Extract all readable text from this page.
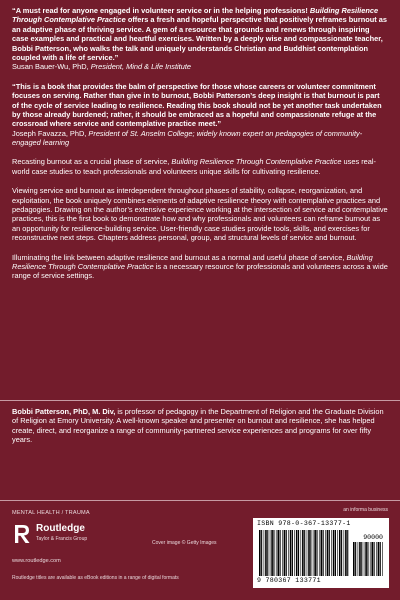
“A must read for anyone engaged in volunteer service or in the helping professions! Building Resilience Through Contemplative Practice offers a fresh and hopeful perspective that positively reframes burnout as an adaptive phase of thriving service. A gem of a resource that grounds and renews through inspiring case examples and practical and heartful exercises. Written by a deeply wise and compassionate teacher, Bobbi Patterson, who walks the talk and uniquely understands Christian and Buddhist contemplation coupled with a life of service.”

Susan Bauer-Wu, PhD, President, Mind & Life Institute

“This is a book that provides the balm of perspective for those whose careers or volunteer commitment focuses on serving. Rather than give in to burnout, Bobbi Patterson’s deep insight is that burnout is part of the cycle of service leading to resilience. Reading this book should not be yet another task undertaken by those already burdened; rather, it should be embraced as a hopeful and compassionate refuge at the crossroad where service and contemplative practice meet.”

Joseph Favazza, PhD, President of St. Anselm College; widely known expert on pedagogies of community-engaged learning

Recasting burnout as a crucial phase of service, Building Resilience Through Contemplative Practice uses real-world case studies to teach professionals and volunteers unique skills for cultivating resilience.

Viewing service and burnout as interdependent throughout phases of stability, collapse, reorganization, and exploitation, the book uniquely combines elements of adaptive resilience theory with contemplative practices and pedagogies. Drawing on the author’s extensive experience working at the intersection of service and contemplative practices, this is the first book to demonstrate how and why professionals and volunteers can reframe burnout as an opportunity for resilience-building service. User-friendly case studies provide tools, skills, and exercises for reconstructive next steps. Chapters address personal, group, and structural levels of service and burnout.

Illuminating the link between adaptive resilience and burnout as a normal and useful phase of service, Building Resilience Through Contemplative Practice is a necessary resource for professionals and volunteers across a wide range of service settings.

Bobbi Patterson, PhD, M. Div, is professor of pedagogy in the Department of Religion and the Graduate Division of Religion at Emory University. A well-known speaker and presenter on burnout and resilience, she has helped create, direct, and reorganize a range of community-partnered service experiences and programs for over fifty years.
MENTAL HEALTH / TRAUMA	an informa business
Routledge
Taylor & Francis Group
Cover image © Getty Images
www.routledge.com
Routledge titles are available as eBook editions in a range of digital formats
ISBN 978-0-367-13377-1
90000
9 780367 133771
